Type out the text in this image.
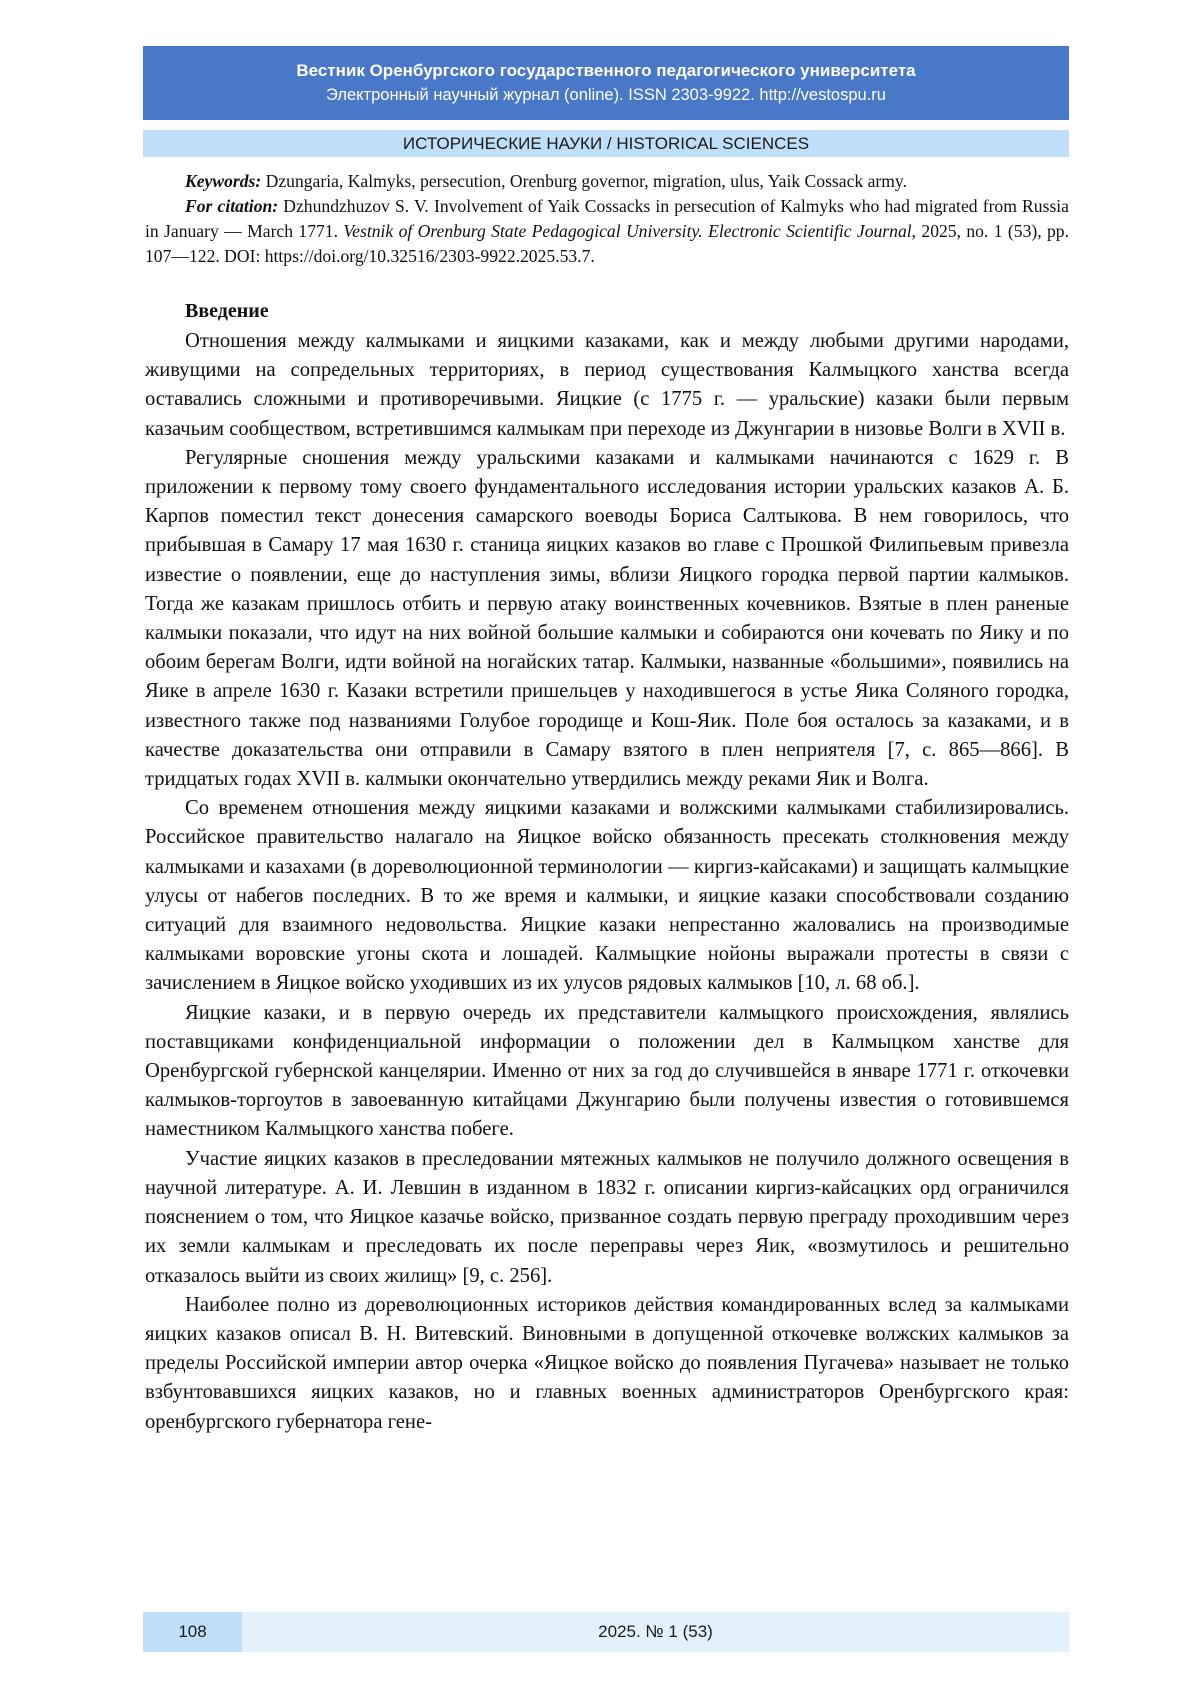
Вестник Оренбургского государственного педагогического университета
Электронный научный журнал (online). ISSN 2303-9922. http://vestospu.ru
ИСТОРИЧЕСКИЕ НАУКИ / HISTORICAL SCIENCES
Keywords: Dzungaria, Kalmyks, persecution, Orenburg governor, migration, ulus, Yaik Cossack army.
For citation: Dzhundzhuzov S. V. Involvement of Yaik Cossacks in persecution of Kalmyks who had migrated from Russia in January — March 1771. Vestnik of Orenburg State Pedagogical University. Electronic Scientific Journal, 2025, no. 1 (53), pp. 107—122. DOI: https://doi.org/10.32516/2303-9922.2025.53.7.
Введение

Отношения между калмыками и яицкими казаками, как и между любыми другими народами, живущими на сопредельных территориях, в период существования Калмыцкого ханства всегда оставались сложными и противоречивыми. Яицкие (с 1775 г. — уральские) казаки были первым казачьим сообществом, встретившимся калмыкам при переходе из Джунгарии в низовье Волги в XVII в.

Регулярные сношения между уральскими казаками и калмыками начинаются с 1629 г. В приложении к первому тому своего фундаментального исследования истории уральских казаков А. Б. Карпов поместил текст донесения самарского воеводы Бориса Салтыкова. В нем говорилось, что прибывшая в Самару 17 мая 1630 г. станица яицких казаков во главе с Прошкой Филипьевым привезла известие о появлении, еще до наступления зимы, вблизи Яицкого городка первой партии калмыков. Тогда же казакам пришлось отбить и первую атаку воинственных кочевников. Взятые в плен раненые калмыки показали, что идут на них войной большие калмыки и собираются они кочевать по Яику и по обоим берегам Волги, идти войной на ногайских татар. Калмыки, названные «большими», появились на Яике в апреле 1630 г. Казаки встретили пришельцев у находившегося в устье Яика Соляного городка, известного также под названиями Голубое городище и Кош-Яик. Поле боя осталось за казаками, и в качестве доказательства они отправили в Самару взятого в плен неприятеля [7, с. 865—866]. В тридцатых годах XVII в. калмыки окончательно утвердились между реками Яик и Волга.

Со временем отношения между яицкими казаками и волжскими калмыками стабилизировались. Российское правительство налагало на Яицкое войско обязанность пресекать столкновения между калмыками и казахами (в дореволюционной терминологии — киргиз-кайсаками) и защищать калмыцкие улусы от набегов последних. В то же время и калмыки, и яицкие казаки способствовали созданию ситуаций для взаимного недовольства. Яицкие казаки непрестанно жаловались на производимые калмыками воровские угоны скота и лошадей. Калмыцкие нойоны выражали протесты в связи с зачислением в Яицкое войско уходивших из их улусов рядовых калмыков [10, л. 68 об.].

Яицкие казаки, и в первую очередь их представители калмыцкого происхождения, являлись поставщиками конфиденциальной информации о положении дел в Калмыцком ханстве для Оренбургской губернской канцелярии. Именно от них за год до случившейся в январе 1771 г. откочевки калмыков-торгоутов в завоеванную китайцами Джунгарию были получены известия о готовившемся наместником Калмыцкого ханства побеге.

Участие яицких казаков в преследовании мятежных калмыков не получило должного освещения в научной литературе. А. И. Левшин в изданном в 1832 г. описании киргиз-кайсацких орд ограничился пояснением о том, что Яицкое казачье войско, призванное создать первую преграду проходившим через их земли калмыкам и преследовать их после переправы через Яик, «возмутилось и решительно отказалось выйти из своих жилищ» [9, с. 256].

Наиболее полно из дореволюционных историков действия командированных вслед за калмыками яицких казаков описал В. Н. Витевский. Виновными в допущенной откочевке волжских калмыков за пределы Российской империи автор очерка «Яицкое войско до появления Пугачева» называет не только взбунтовавшихся яицких казаков, но и главных военных администраторов Оренбургского края: оренбургского губернатора гене-

108	2025. № 1 (53)
